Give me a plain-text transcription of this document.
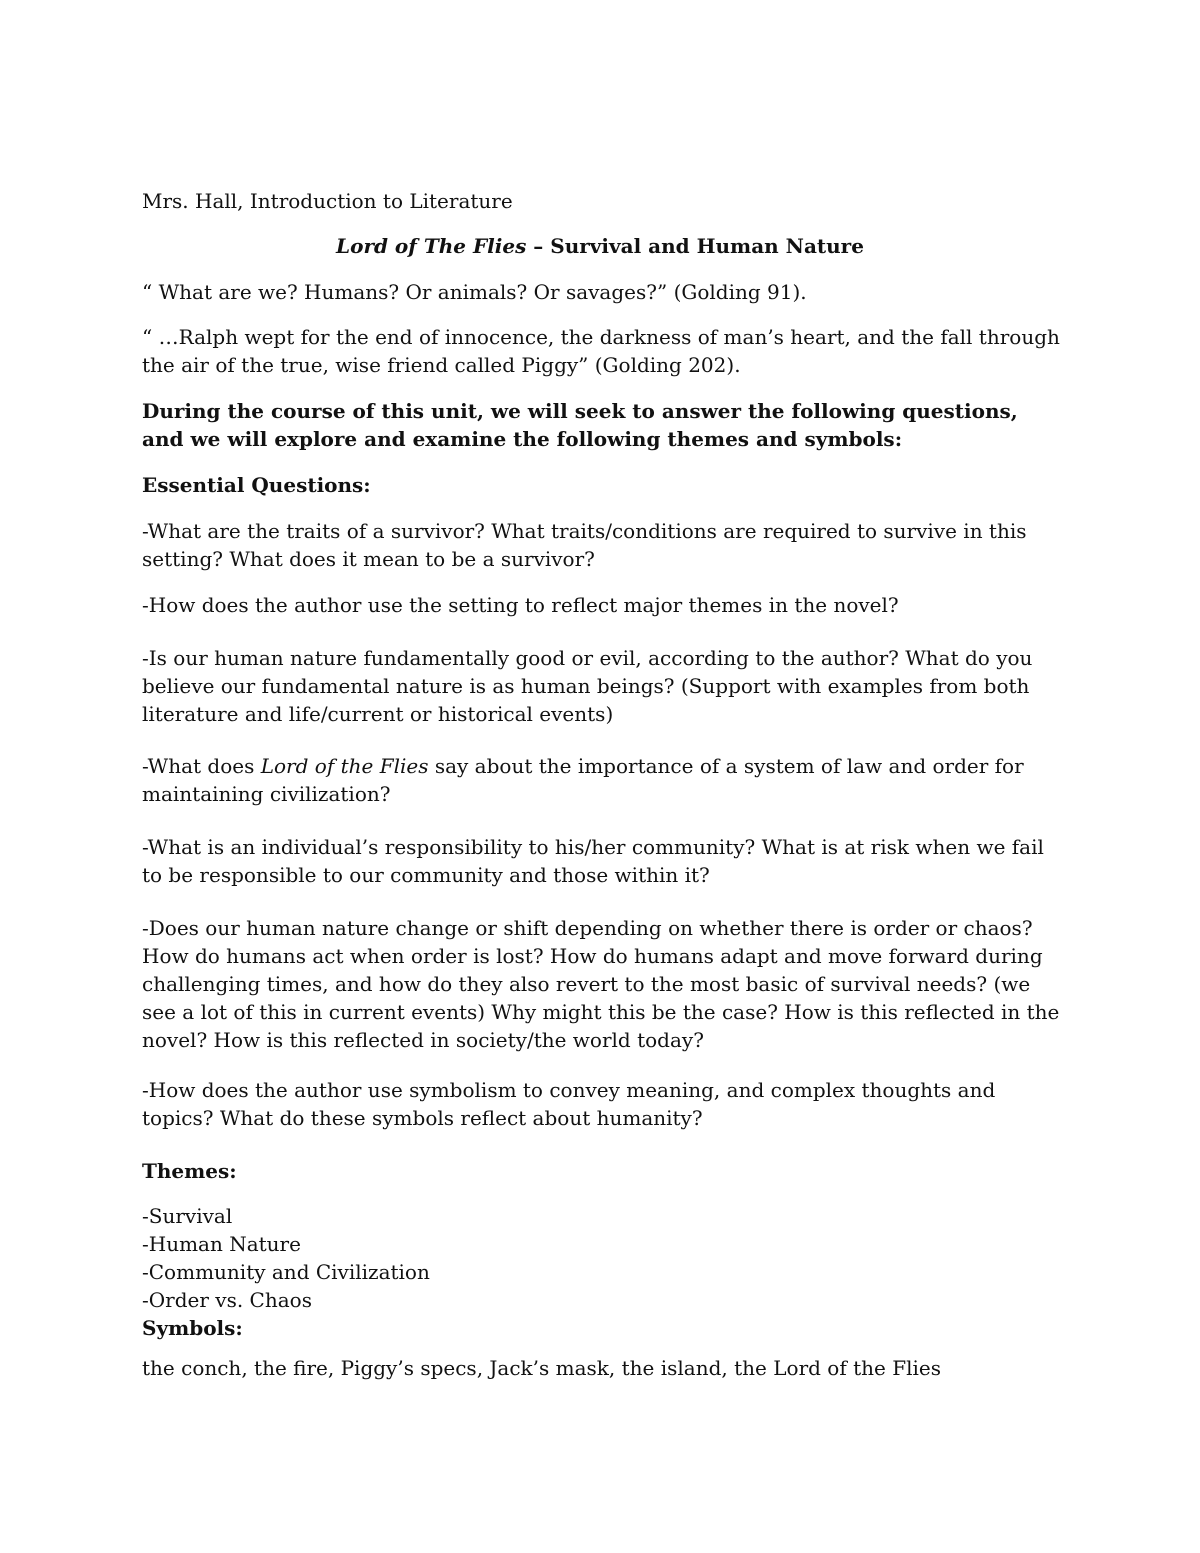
Mrs. Hall, Introduction to Literature

Lord of The Flies – Survival and Human Nature

“ What are we? Humans? Or animals? Or savages?” (Golding 91).

“ …Ralph wept for the end of innocence, the darkness of man’s heart, and the fall through the air of the true, wise friend called Piggy” (Golding 202).

During the course of this unit, we will seek to answer the following questions, and we will explore and examine the following themes and symbols:

Essential Questions:

-What are the traits of a survivor? What traits/conditions are required to survive in this setting? What does it mean to be a survivor?

-How does the author use the setting to reflect major themes in the novel?

-Is our human nature fundamentally good or evil, according to the author? What do you believe our fundamental nature is as human beings? (Support with examples from both literature and life/current or historical events)

-What does Lord of the Flies say about the importance of a system of law and order for maintaining civilization?

-What is an individual’s responsibility to his/her community? What is at risk when we fail to be responsible to our community and those within it?

-Does our human nature change or shift depending on whether there is order or chaos? How do humans act when order is lost? How do humans adapt and move forward during challenging times, and how do they also revert to the most basic of survival needs? (we see a lot of this in current events) Why might this be the case? How is this reflected in the novel? How is this reflected in society/the world today?

-How does the author use symbolism to convey meaning, and complex thoughts and topics? What do these symbols reflect about humanity?

Themes:

-Survival
-Human Nature
-Community and Civilization
-Order vs. Chaos
Symbols:

the conch, the fire, Piggy’s specs, Jack’s mask, the island, the Lord of the Flies
